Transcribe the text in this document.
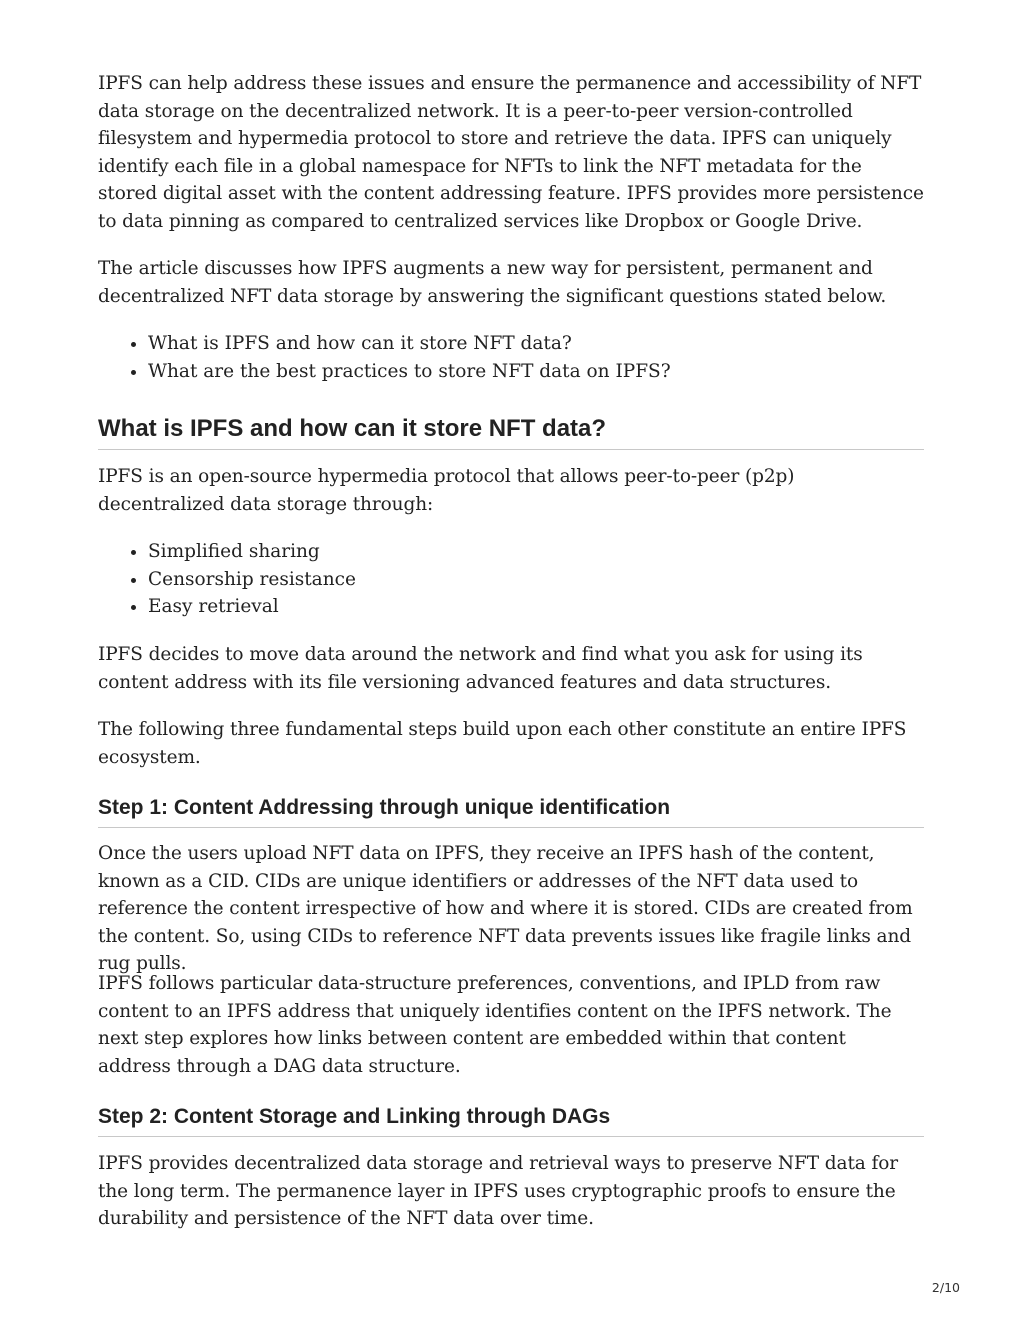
IPFS can help address these issues and ensure the permanence and accessibility of NFT data storage on the decentralized network. It is a peer-to-peer version-controlled filesystem and hypermedia protocol to store and retrieve the data. IPFS can uniquely identify each file in a global namespace for NFTs to link the NFT metadata for the stored digital asset with the content addressing feature. IPFS provides more persistence to data pinning as compared to centralized services like Dropbox or Google Drive.

The article discusses how IPFS augments a new way for persistent, permanent and decentralized NFT data storage by answering the significant questions stated below.

• What is IPFS and how can it store NFT data?
• What are the best practices to store NFT data on IPFS?
What is IPFS and how can it store NFT data?

IPFS is an open-source hypermedia protocol that allows peer-to-peer (p2p) decentralized data storage through:

• Simplified sharing
• Censorship resistance
• Easy retrieval

IPFS decides to move data around the network and find what you ask for using its content address with its file versioning advanced features and data structures.

The following three fundamental steps build upon each other constitute an entire IPFS ecosystem.

Step 1: Content Addressing through unique identification

Once the users upload NFT data on IPFS, they receive an IPFS hash of the content, known as a CID. CIDs are unique identifiers or addresses of the NFT data used to reference the content irrespective of how and where it is stored. CIDs are created from the content. So, using CIDs to reference NFT data prevents issues like fragile links and rug pulls.

IPFS follows particular data-structure preferences, conventions, and IPLD from raw content to an IPFS address that uniquely identifies content on the IPFS network. The next step explores how links between content are embedded within that content address through a DAG data structure.

Step 2: Content Storage and Linking through DAGs

IPFS provides decentralized data storage and retrieval ways to preserve NFT data for the long term. The permanence layer in IPFS uses cryptographic proofs to ensure the durability and persistence of the NFT data over time.

2/10
